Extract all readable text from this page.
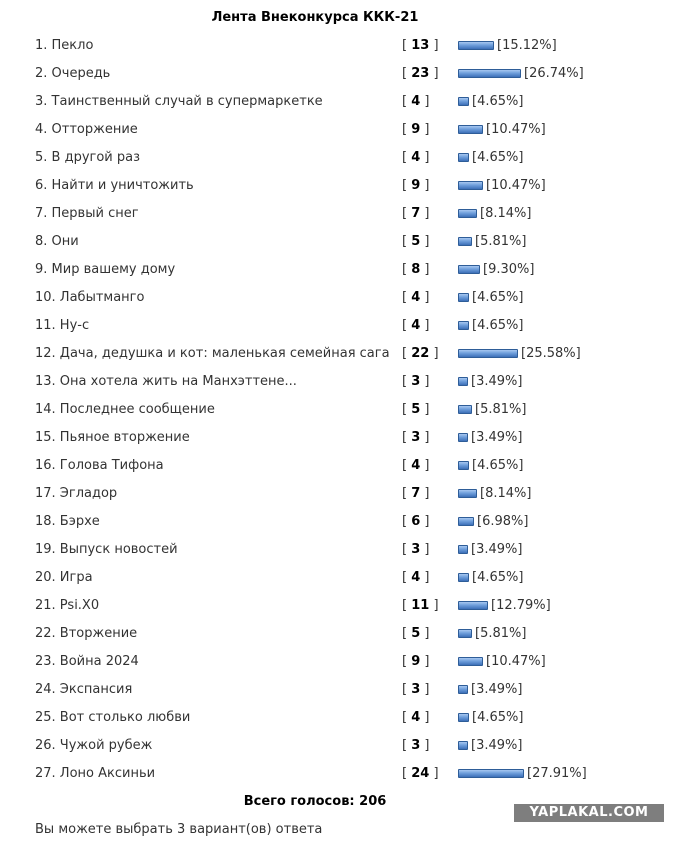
Лента Внеконкурса ККК-21
1. Пекло	[ 13 ]	[15.12%]
2. Очередь	[ 23 ]	[26.74%]
3. Таинственный случай в супермаркетке	[ 4 ]	[4.65%]
4. Отторжение	[ 9 ]	[10.47%]
5. В другой раз	[ 4 ]	[4.65%]
6. Найти и уничтожить	[ 9 ]	[10.47%]
7. Первый снег	[ 7 ]	[8.14%]
8. Они	[ 5 ]	[5.81%]
9. Мир вашему дому	[ 8 ]	[9.30%]
10. Лабытманго	[ 4 ]	[4.65%]
11. Ну-с	[ 4 ]	[4.65%]
12. Дача, дедушка и кот: маленькая семейная сага [ 22 ]	[25.58%]
13. Она хотела жить на Манхэттене...	[ 3 ]	[3.49%]
14. Последнее сообщение	[ 5 ]	[5.81%]
15. Пьяное вторжение	[ 3 ]	[3.49%]
16. Голова Тифона	[ 4 ]	[4.65%]
17. Эгладор	[ 7 ]	[8.14%]
18. Бэрхе	[ 6 ]	[6.98%]
19. Выпуск новостей	[ 3 ]	[3.49%]
20. Игра	[ 4 ]	[4.65%]
21. Psi.X0	[ 11 ]	[12.79%]
22. Вторжение	[ 5 ]	[5.81%]
23. Война 2024	[ 9 ]	[10.47%]
24. Экспансия	[ 3 ]	[3.49%]
25. Вот столько любви	[ 4 ]	[4.65%]
26. Чужой рубеж	[ 3 ]	[3.49%]
27. Лоно Аксиньи	[ 24 ]	[27.91%]
Всего голосов: 206
Вы можете выбрать 3 вариант(ов) ответа
YAPLAKAL.COM
